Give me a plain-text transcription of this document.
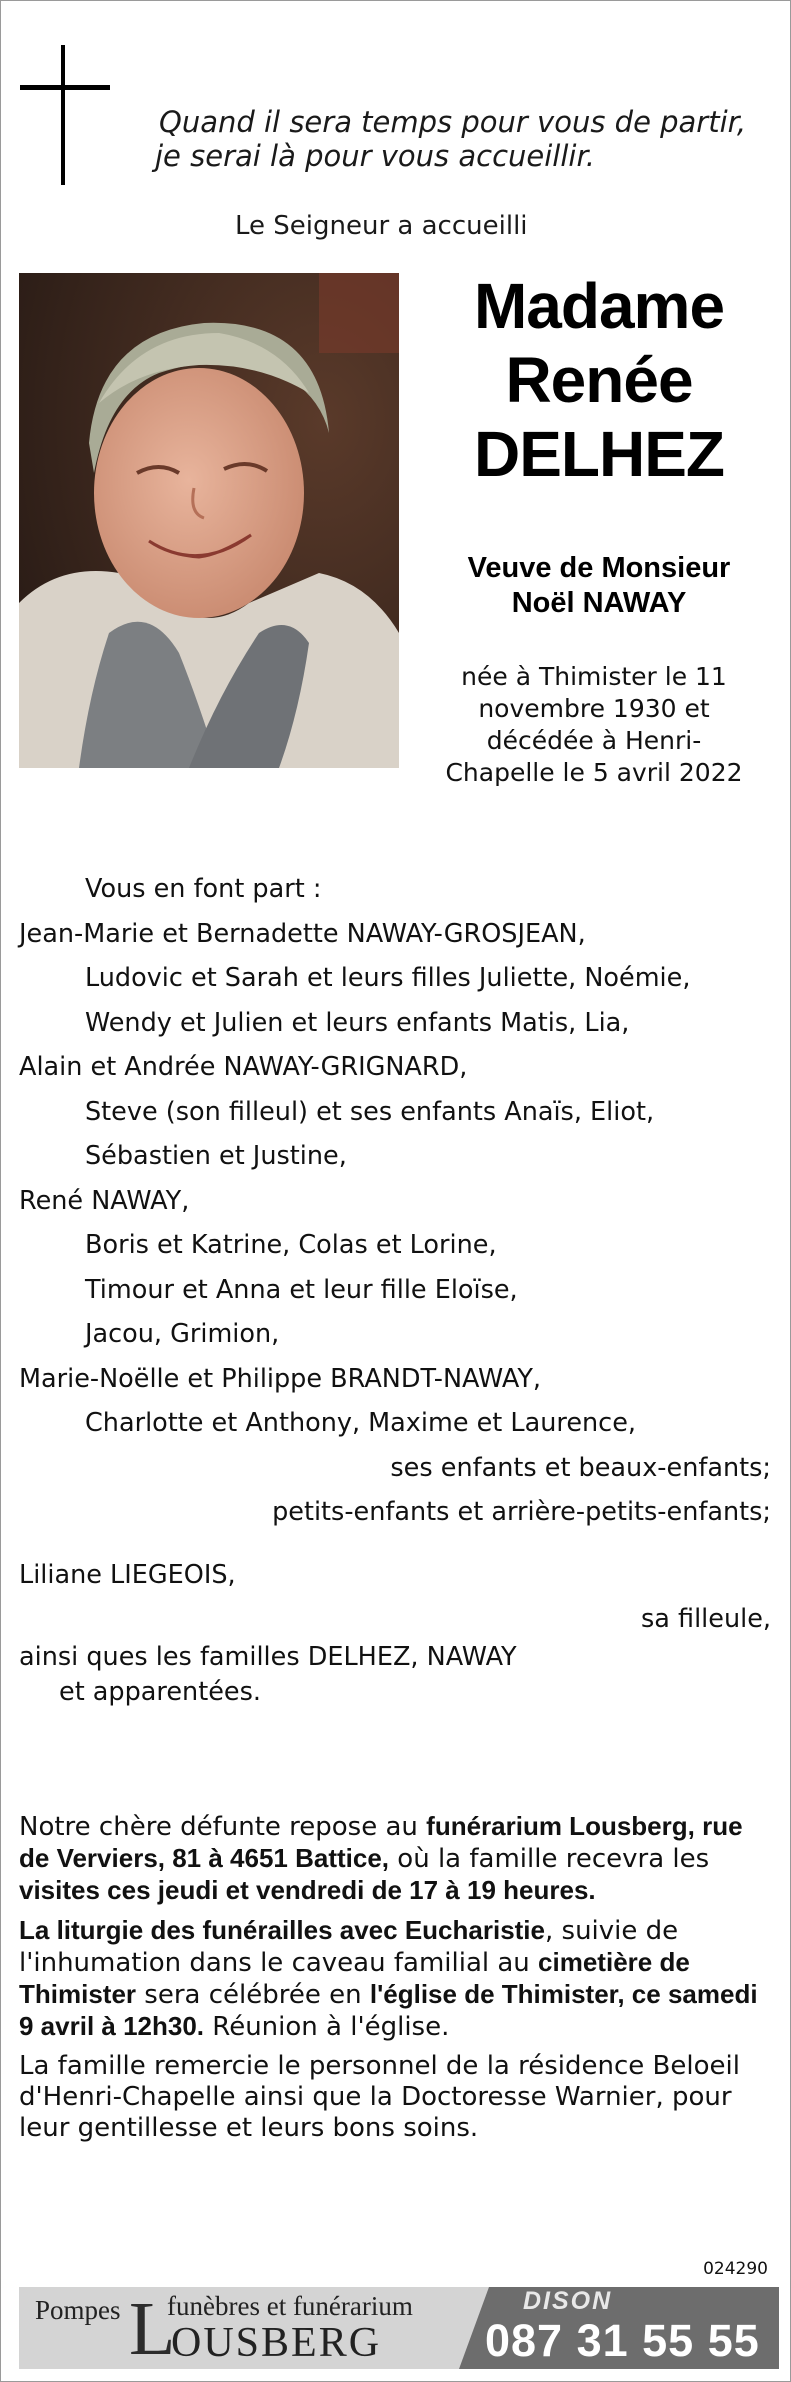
Quand il sera temps pour vous de partir,
je serai là pour vous accueillir.
Le Seigneur a accueilli
Madame
Renée
DELHEZ
Veuve de Monsieur
Noël NAWAY
née à Thimister le 11
novembre 1930 et
décédée à Henri-
Chapelle le 5 avril 2022
Vous en font part :
Jean-Marie et Bernadette NAWAY-GROSJEAN,
Ludovic et Sarah et leurs filles Juliette, Noémie,
Wendy et Julien et leurs enfants Matis, Lia,
Alain et Andrée NAWAY-GRIGNARD,
Steve (son filleul) et ses enfants Anaïs, Eliot,
Sébastien et Justine,
René NAWAY,
Boris et Katrine, Colas et Lorine,
Timour et Anna et leur fille Eloïse,
Jacou, Grimion,
Marie-Noëlle et Philippe BRANDT-NAWAY,
Charlotte et Anthony, Maxime et Laurence,
ses enfants et beaux-enfants;
petits-enfants et arrière-petits-enfants;
Liliane LIEGEOIS,
sa filleule,
ainsi ques les familles DELHEZ, NAWAY
et apparentées.

Notre chère défunte repose au funérarium Lousberg, rue de Verviers, 81 à 4651 Battice, où la famille recevra les visites ces jeudi et vendredi de 17 à 19 heures.

La liturgie des funérailles avec Eucharistie, suivie de l'inhumation dans le caveau familial au cimetière de Thimister sera célébrée en l'église de Thimister, ce samedi 9 avril à 12h30. Réunion à l'église.

La famille remercie le personnel de la résidence Beloeil d'Henri-Chapelle ainsi que la Doctoresse Warnier, pour leur gentillesse et leurs bons soins.

024290
Pompes L
funèbres et funérarium
OUSBERG
DISON
087 31 55 55
